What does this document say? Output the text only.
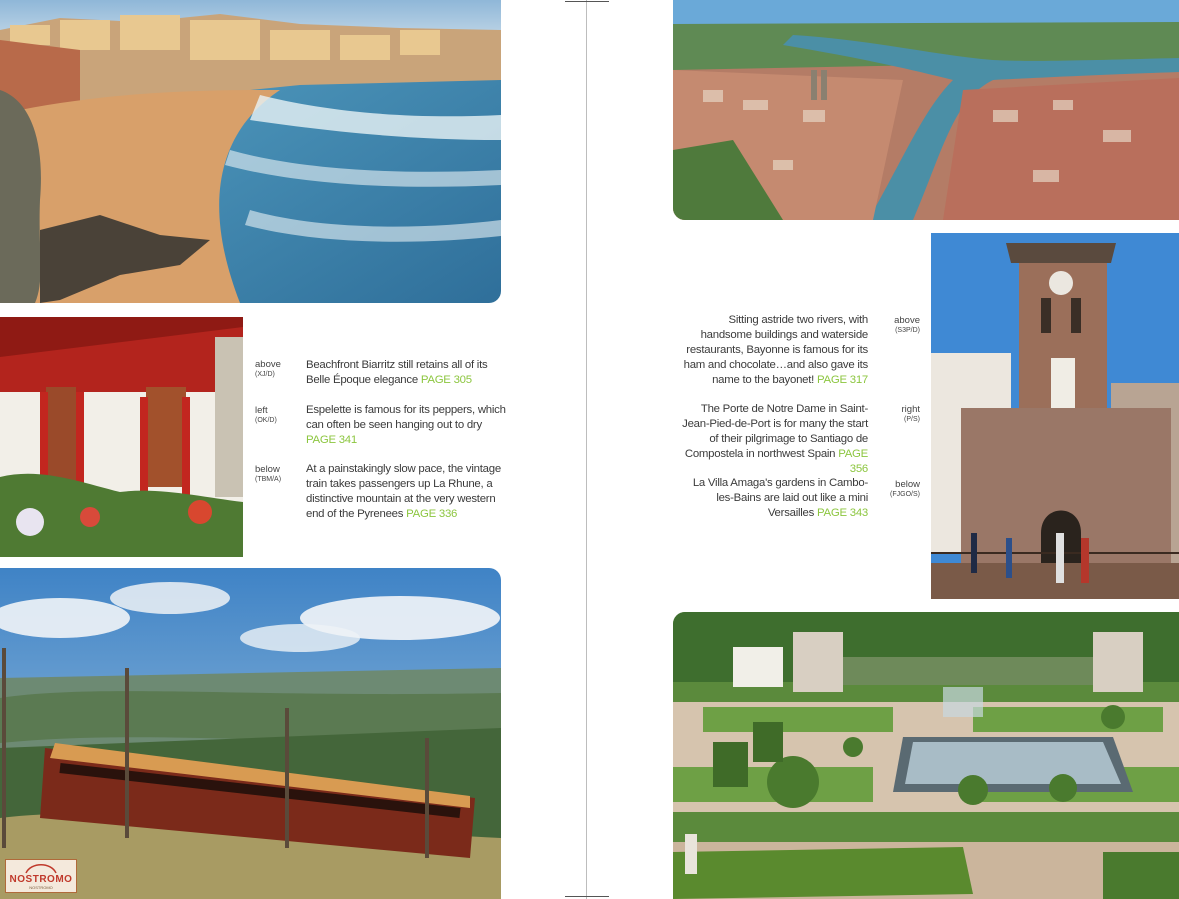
above
(XJ/D)
Beachfront Biarritz still retains all of its Belle Époque elegance PAGE 305
left
(OK/D)
Espelette is famous for its peppers, which can often be seen hanging out to dry PAGE 341
below
(TBM/A)
At a painstakingly slow pace, the vintage train takes passengers up La Rhune, a distinctive mountain at the very western end of the Pyrenees PAGE 336
NOSTROMO
NOSTROMO
Sitting astride two rivers, with handsome buildings and waterside restaurants, Bayonne is famous for its ham and chocolate…and also gave its name to the bayonet! PAGE 317
above
(S3P/D)
The Porte de Notre Dame in Saint-Jean-Pied-de-Port is for many the start of their pilgrimage to Santiago de Compostela in northwest Spain PAGE 356
right
(P/S)
La Villa Amaga's gardens in Cambo-les-Bains are laid out like a mini Versailles PAGE 343
below
(FJGO/S)
